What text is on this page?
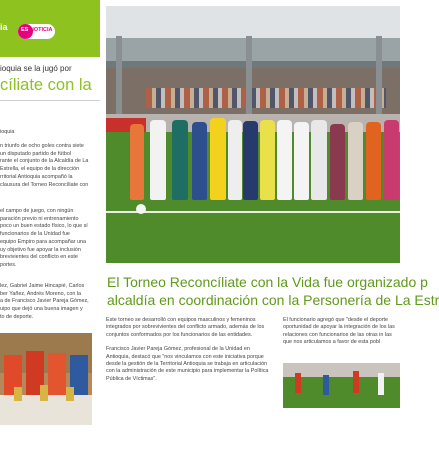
ia ES NOTICIA
ioquia se la jugó por
cíliate con la

ioquia

n triunfo de ocho goles contra siete
un disputado partido de fútbol
rante el conjunto de la Alcaldía de La
Estrella, el equipo de la dirección
rritorial Antioquia acompañó la
clausura del Torneo Reconcíliate con

el campo de juego, con ningún
paración previo ni entrenamiento
poco un buen estado físico, lo que sí
funcionarios de la Unidad fue
equipo Empiro para acompañar una
uy objetivo fue apoyar la inclusión
brevivientes del conflicto en este
portes.

lez, Gabriel Jaime Hincapié, Carlos
ber Yañez, Andrés Moreno, con la
a de Francisco Javier Pareja Gómez,
uipo que dejó una buena imagen y
to de deporte.

El Torneo Reconcíliate con la Vida fue organizado p
alcaldía en coordinación con la Personería de La Estr

Este torneo se desarrolló con equipos masculinos y femeninos integrados por sobrevivientes del conflicto armado, además de los conjuntos conformados por los funcionarios de las entidades.

Francisco Javier Pareja Gómez, profesional de la Unidad en Antioquia, destacó que "nos vinculamos con este iniciativa porque desde la gestión de la Territorial Antioquia se trabaja en articulación con la administración de este municipio para implementar la Política Pública de Víctimas".

El funcionario agregó que "desde el deporte oportunidad de apoyar la integración de los las relaciones con funcionarios de las otras in las que nos articulamos a favor de esta pobl
